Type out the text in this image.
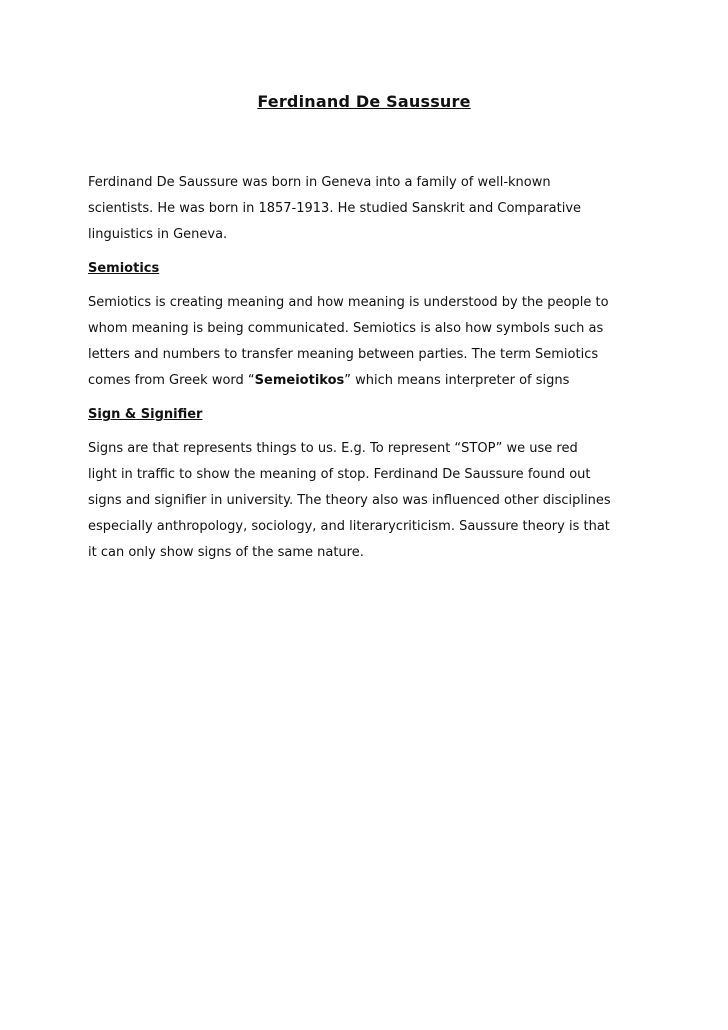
Ferdinand De Saussure

Ferdinand De Saussure was born in Geneva into a family of well-known
scientists. He was born in 1857-1913. He studied Sanskrit and Comparative
linguistics in Geneva.

Semiotics

Semiotics is creating meaning and how meaning is understood by the people to
whom meaning is being communicated. Semiotics is also how symbols such as
letters and numbers to transfer meaning between parties. The term Semiotics
comes from Greek word “Semeiotikos” which means interpreter of signs

Sign & Signifier

Signs are that represents things to us. E.g. To represent “STOP” we use red
light in traffic to show the meaning of stop. Ferdinand De Saussure found out
signs and signifier in university. The theory also was influenced other disciplines
especially anthropology, sociology, and literarycriticism. Saussure theory is that
it can only show signs of the same nature.
